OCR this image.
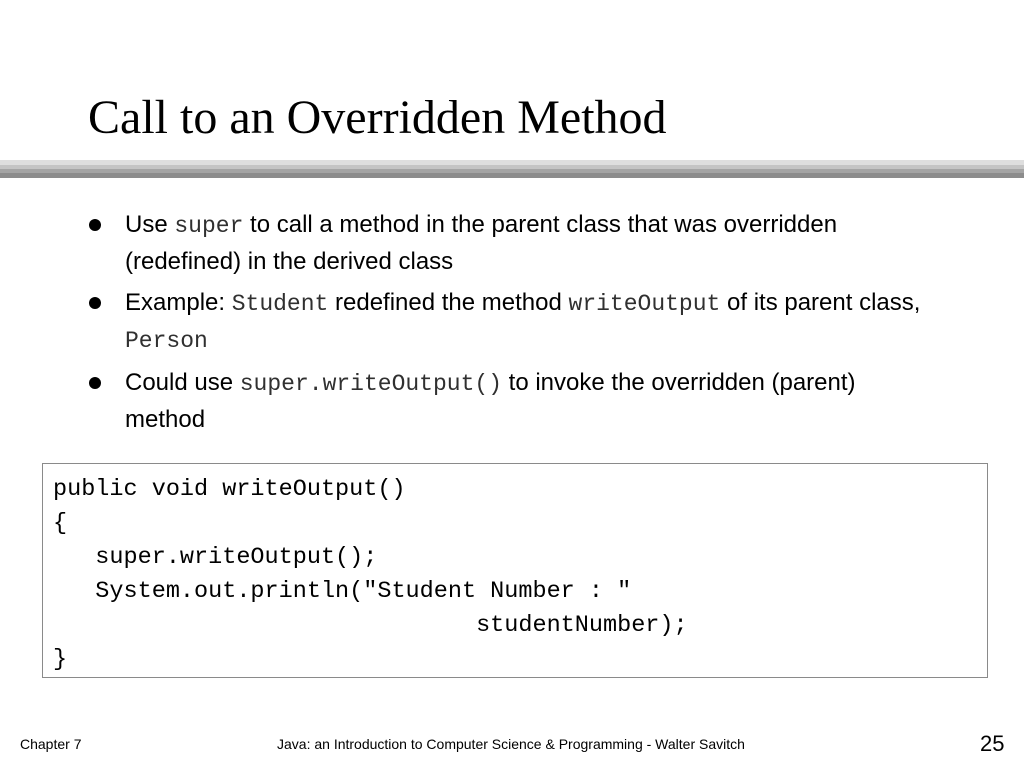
Call to an Overridden Method
Use super to call a method in the parent class that was overridden (redefined) in the derived class
Example: Student redefined the method writeOutput of its parent class, Person
Could use super.writeOutput() to invoke the overridden (parent) method
public void writeOutput()
{
super.writeOutput();
System.out.println("Student Number : "
studentNumber);
}
Chapter 7	Java: an Introduction to Computer Science & Programming - Walter Savitch	25
